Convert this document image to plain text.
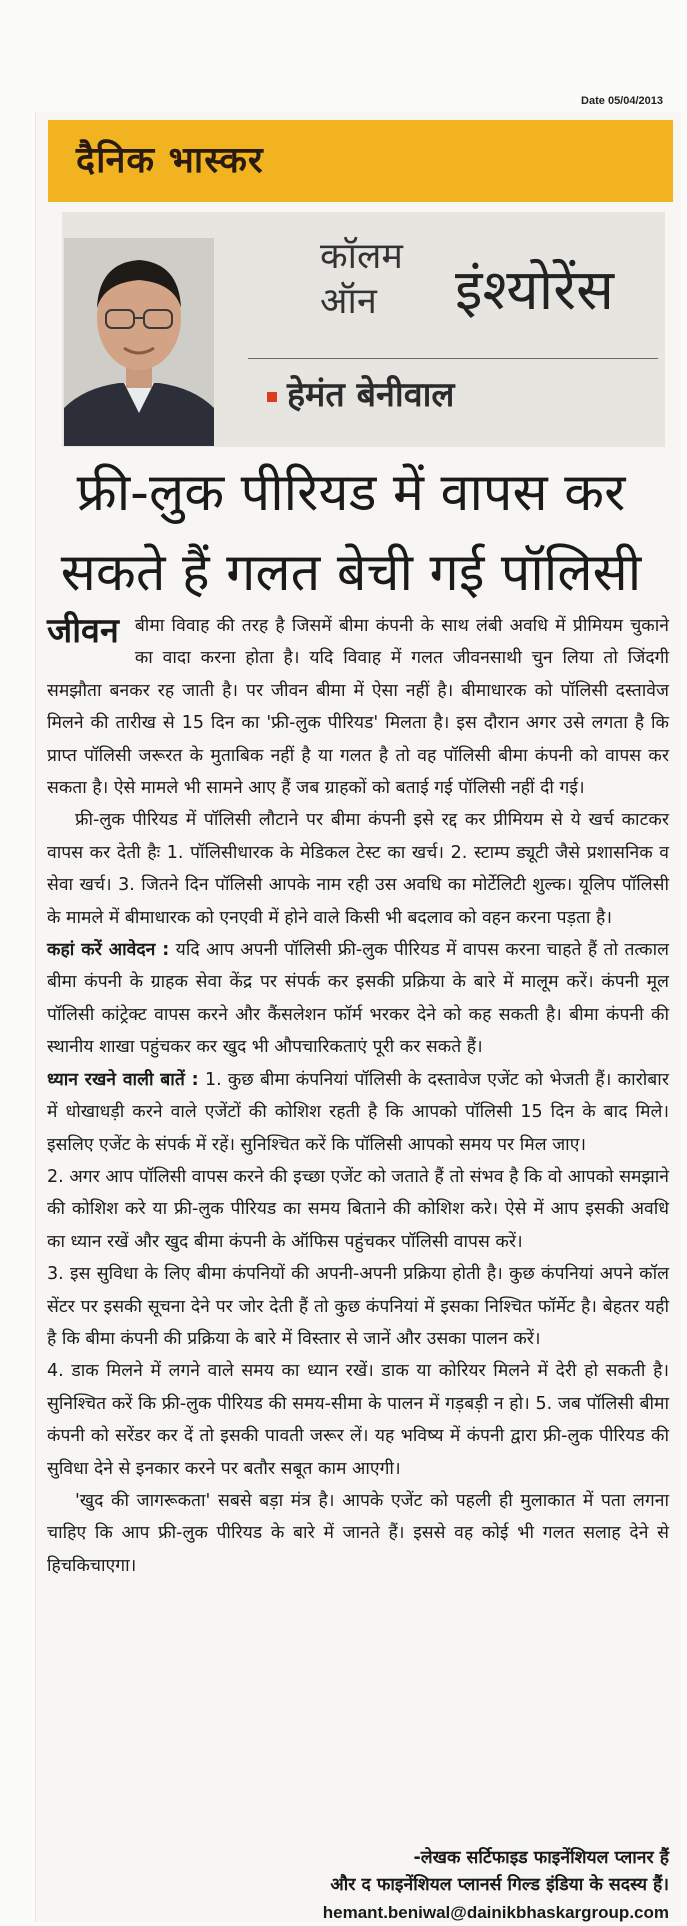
Date 05/04/2013
दैनिक भास्कर
कॉलम
ऑन इंश्योरेंस
हेमंत बेनीवाल
फ्री-लुक पीरियड में वापस कर
सकते हैं गलत बेची गई पॉलिसी

जीवन बीमा विवाह की तरह है जिसमें बीमा कंपनी के साथ लंबी अवधि में प्रीमियम चुकाने का वादा करना होता है। यदि विवाह में गलत जीवनसाथी चुन लिया तो जिंदगी समझौता बनकर रह जाती है। पर जीवन बीमा में ऐसा नहीं है। बीमाधारक को पॉलिसी दस्तावेज मिलने की तारीख से 15 दिन का 'फ्री-लुक पीरियड' मिलता है। इस दौरान अगर उसे लगता है कि प्राप्त पॉलिसी जरूरत के मुताबिक नहीं है या गलत है तो वह पॉलिसी बीमा कंपनी को वापस कर सकता है। ऐसे मामले भी सामने आए हैं जब ग्राहकों को बताई गई पॉलिसी नहीं दी गई।

फ्री-लुक पीरियड में पॉलिसी लौटाने पर बीमा कंपनी इसे रद्द कर प्रीमियम से ये खर्च काटकर वापस कर देती हैः 1. पॉलिसीधारक के मेडिकल टेस्ट का खर्च। 2. स्टाम्प ड्यूटी जैसे प्रशासनिक व सेवा खर्च। 3. जितने दिन पॉलिसी आपके नाम रही उस अवधि का मोर्टेलिटी शुल्क। यूलिप पॉलिसी के मामले में बीमाधारक को एनएवी में होने वाले किसी भी बदलाव को वहन करना पड़ता है।

कहां करें आवेदन : यदि आप अपनी पॉलिसी फ्री-लुक पीरियड में वापस करना चाहते हैं तो तत्काल बीमा कंपनी के ग्राहक सेवा केंद्र पर संपर्क कर इसकी प्रक्रिया के बारे में मालूम करें। कंपनी मूल पॉलिसी कांट्रेक्ट वापस करने और कैंसलेशन फॉर्म भरकर देने को कह सकती है। बीमा कंपनी की स्थानीय शाखा पहुंचकर कर खुद भी औपचारिकताएं पूरी कर सकते हैं।

ध्यान रखने वाली बातें : 1. कुछ बीमा कंपनियां पॉलिसी के दस्तावेज एजेंट को भेजती हैं। कारोबार में धोखाधड़ी करने वाले एजेंटों की कोशिश रहती है कि आपको पॉलिसी 15 दिन के बाद मिले। इसलिए एजेंट के संपर्क में रहें। सुनिश्चित करें कि पॉलिसी आपको समय पर मिल जाए।

2. अगर आप पॉलिसी वापस करने की इच्छा एजेंट को जताते हैं तो संभव है कि वो आपको समझाने की कोशिश करे या फ्री-लुक पीरियड का समय बिताने की कोशिश करे। ऐसे में आप इसकी अवधि का ध्यान रखें और खुद बीमा कंपनी के ऑफिस पहुंचकर पॉलिसी वापस करें।

3. इस सुविधा के लिए बीमा कंपनियों की अपनी-अपनी प्रक्रिया होती है। कुछ कंपनियां अपने कॉल सेंटर पर इसकी सूचना देने पर जोर देती हैं तो कुछ कंपनियां में इसका निश्चित फॉर्मेट है। बेहतर यही है कि बीमा कंपनी की प्रक्रिया के बारे में विस्तार से जानें और उसका पालन करें।

4. डाक मिलने में लगने वाले समय का ध्यान रखें। डाक या कोरियर मिलने में देरी हो सकती है। सुनिश्चित करें कि फ्री-लुक पीरियड की समय-सीमा के पालन में गड़बड़ी न हो। 5. जब पॉलिसी बीमा कंपनी को सरेंडर कर दें तो इसकी पावती जरूर लें। यह भविष्य में कंपनी द्वारा फ्री-लुक पीरियड की सुविधा देने से इनकार करने पर बतौर सबूत काम आएगी।

'खुद की जागरूकता' सबसे बड़ा मंत्र है। आपके एजेंट को पहली ही मुलाकात में पता लगना चाहिए कि आप फ्री-लुक पीरियड के बारे में जानते हैं। इससे वह कोई भी गलत सलाह देने से हिचकिचाएगा।

-लेखक सर्टिफाइड फाइनेंशियल प्लानर हैं
और द फाइनेंशियल प्लानर्स गिल्ड इंडिया के सदस्य हैं।
hemant.beniwal@dainikbhaskargroup.com
